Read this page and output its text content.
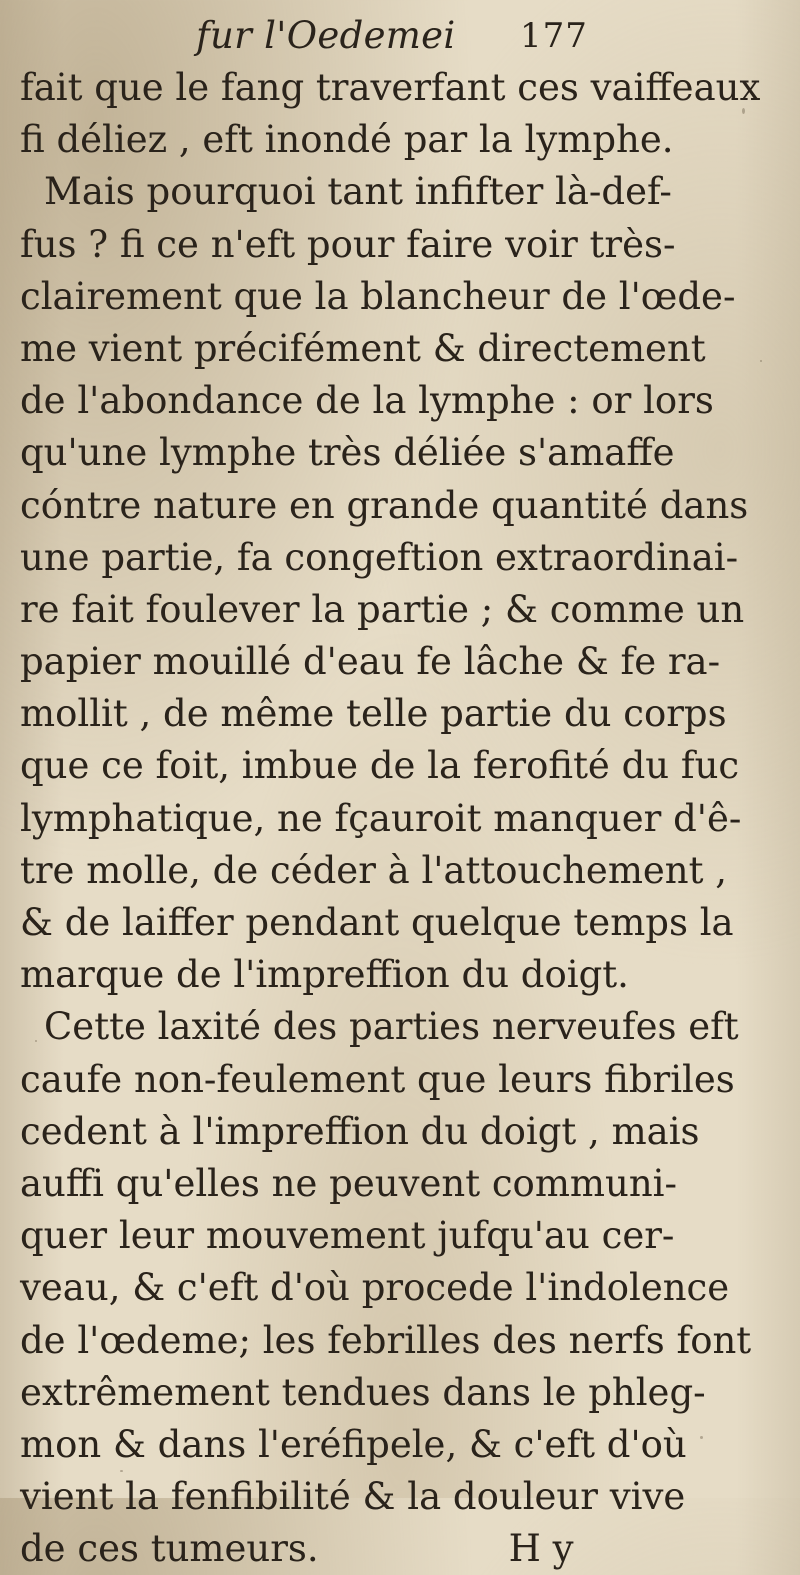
fur l'Oedemei 177
fait que le fang traverfant ces vaiffeaux
fi déliez , eft inondé par la lymphe.
Mais pourquoi tant infifter là-def-
fus ? fi ce n'eft pour faire voir très-
clairement que la blancheur de l'œde-
me vient précifément & directement
de l'abondance de la lymphe : or lors
qu'une lymphe très déliée s'amaffe
cóntre nature en grande quantité dans
une partie, fa congeftion extraordinai-
re fait foulever la partie ; & comme un
papier mouillé d'eau fe lâche & fe ra-
mollit , de même telle partie du corps
que ce foit, imbue de la ferofité du fuc
lymphatique, ne fçauroit manquer d'ê-
tre molle, de céder à l'attouchement ,
& de laiffer pendant quelque temps la
marque de l'impreffion du doigt.
Cette laxité des parties nerveufes eft
caufe non-feulement que leurs fibriles
cedent à l'impreffion du doigt , mais
auffi qu'elles ne peuvent communi-
quer leur mouvement jufqu'au cer-
veau, & c'eft d'où procede l'indolence
de l'œdeme; les febrilles des nerfs font
extrêmement tendues dans le phleg-
mon & dans l'eréfipele, & c'eft d'où
vient la fenfibilité & la douleur vive
de ces tumeurs.	H y
